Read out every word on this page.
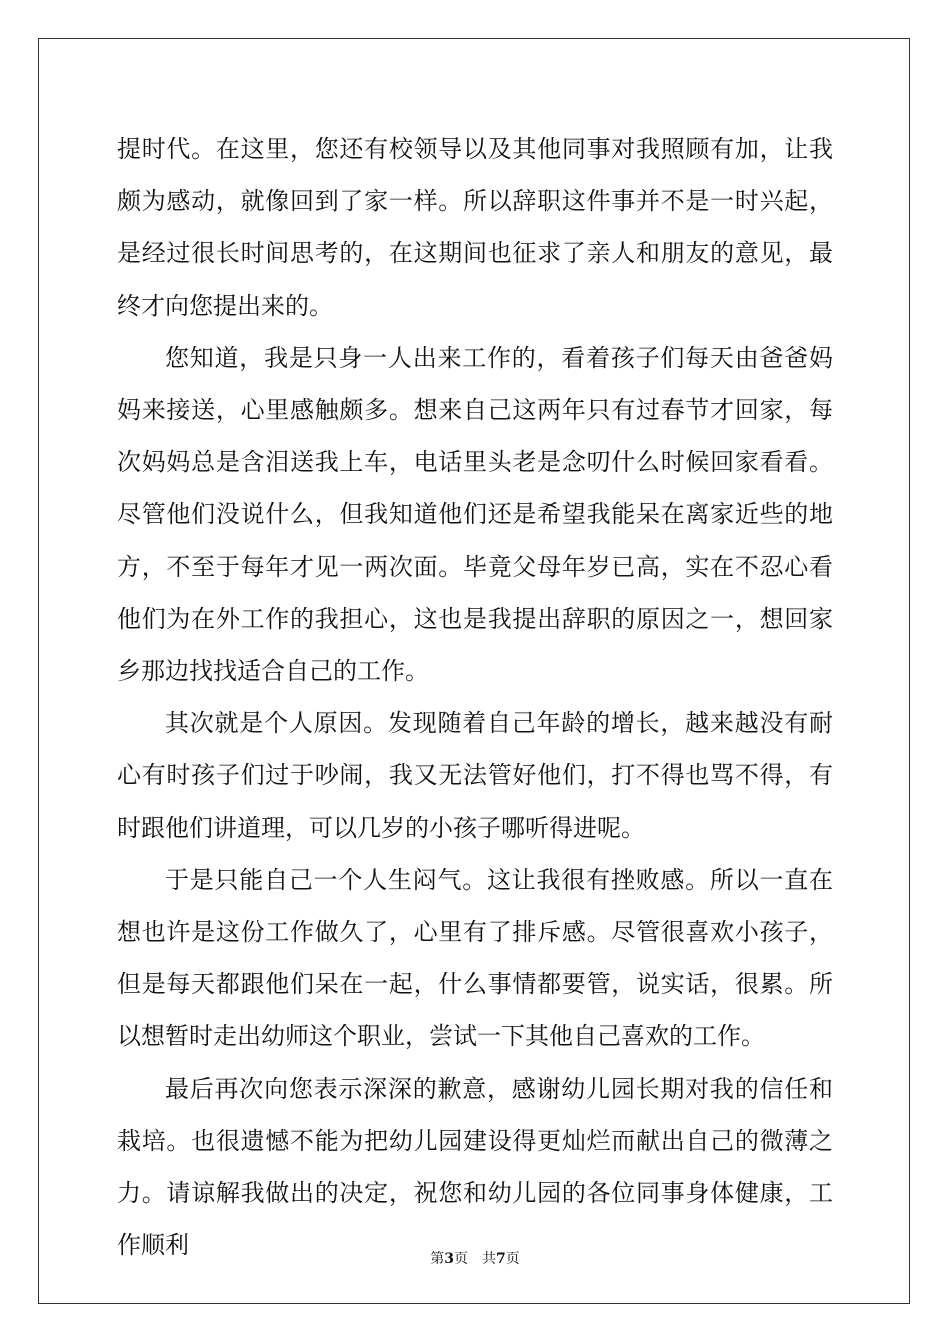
提时代。在这里，您还有校领导以及其他同事对我照顾有加，让我颇为感动，就像回到了家一样。所以辞职这件事并不是一时兴起，是经过很长时间思考的，在这期间也征求了亲人和朋友的意见，最终才向您提出来的。

您知道，我是只身一人出来工作的，看着孩子们每天由爸爸妈妈来接送，心里感触颇多。想来自己这两年只有过春节才回家，每次妈妈总是含泪送我上车，电话里头老是念叨什么时候回家看看。尽管他们没说什么，但我知道他们还是希望我能呆在离家近些的地方，不至于每年才见一两次面。毕竟父母年岁已高，实在不忍心看他们为在外工作的我担心，这也是我提出辞职的原因之一，想回家乡那边找找适合自己的工作。

其次就是个人原因。发现随着自己年龄的增长，越来越没有耐心有时孩子们过于吵闹，我又无法管好他们，打不得也骂不得，有时跟他们讲道理，可以几岁的小孩子哪听得进呢。

于是只能自己一个人生闷气。这让我很有挫败感。所以一直在想也许是这份工作做久了，心里有了排斥感。尽管很喜欢小孩子，但是每天都跟他们呆在一起，什么事情都要管，说实话，很累。所以想暂时走出幼师这个职业，尝试一下其他自己喜欢的工作。

最后再次向您表示深深的歉意，感谢幼儿园长期对我的信任和栽培。也很遗憾不能为把幼儿园建设得更灿烂而献出自己的微薄之力。请谅解我做出的决定，祝您和幼儿园的各位同事身体健康，工作顺利	第3页 共7页
